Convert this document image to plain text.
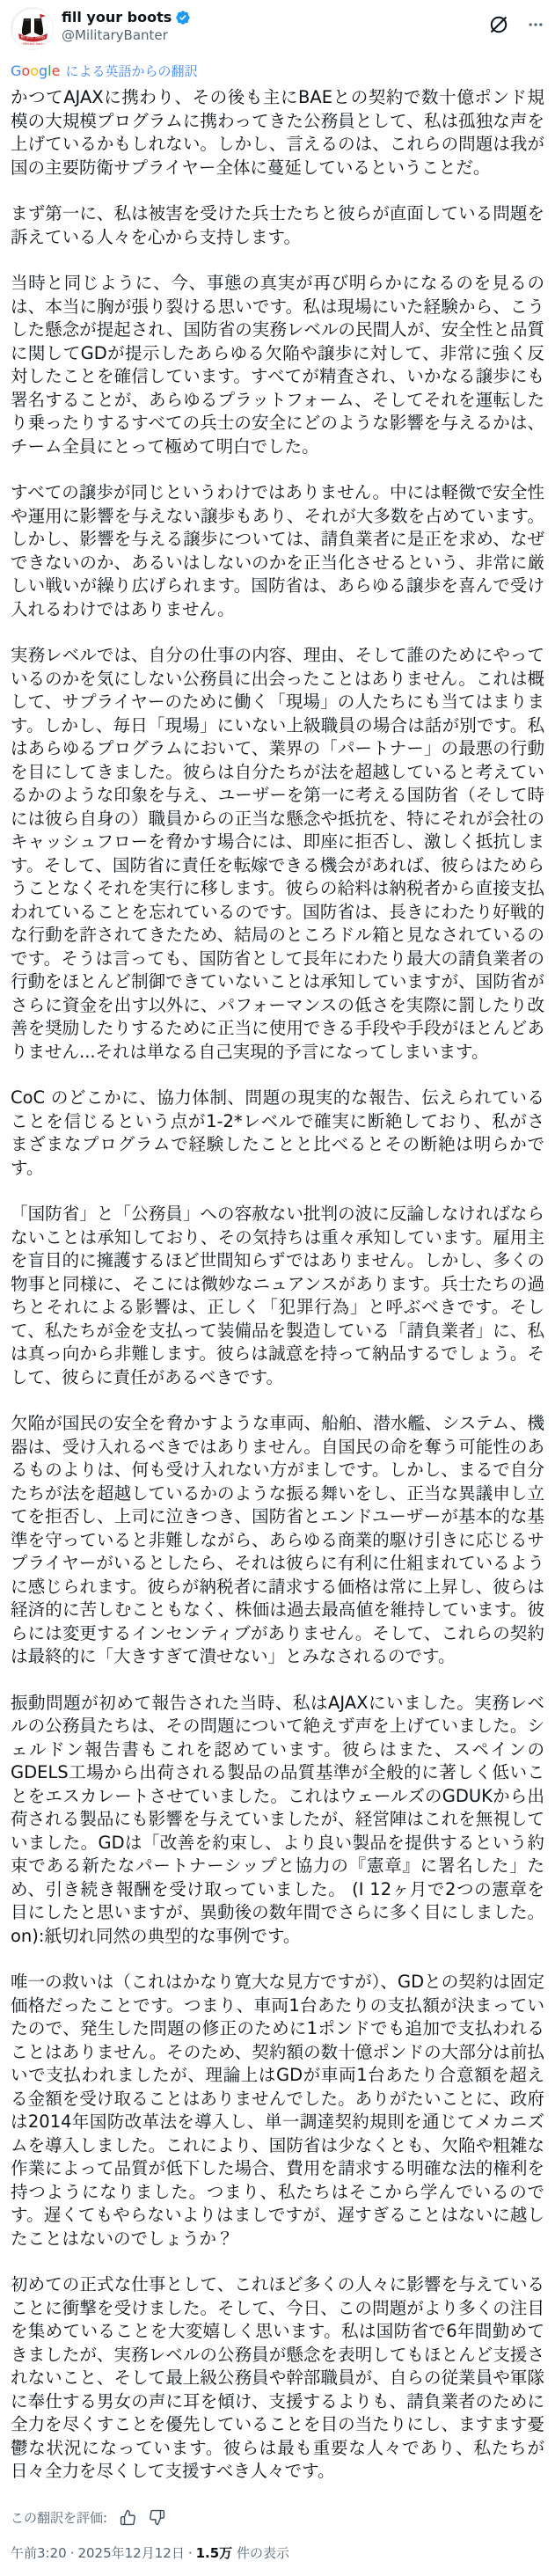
fill your boots
~Military bant~
fill your boots
@MilitaryBanter
Google による英語からの翻訳

かつてAJAXに携わり、その後も主にBAEとの契約で数十億ポンド規模の大規模プログラムに携わってきた公務員として、私は孤独な声を上げているかもしれない。しかし、言えるのは、これらの問題は我が国の主要防衛サプライヤー全体に蔓延しているということだ。

まず第一に、私は被害を受けた兵士たちと彼らが直面している問題を訴えている人々を心から支持します。

当時と同じように、今、事態の真実が再び明らかになるのを見るのは、本当に胸が張り裂ける思いです。私は現場にいた経験から、こうした懸念が提起され、国防省の実務レベルの民間人が、安全性と品質に関してGDが提示したあらゆる欠陥や譲歩に対して、非常に強く反対したことを確信しています。すべてが精査され、いかなる譲歩にも署名することが、あらゆるプラットフォーム、そしてそれを運転したり乗ったりするすべての兵士の安全にどのような影響を与えるかは、チーム全員にとって極めて明白でした。

すべての譲歩が同じというわけではありません。中には軽微で安全性や運用に影響を与えない譲歩もあり、それが大多数を占めています。しかし、影響を与える譲歩については、請負業者に是正を求め、なぜできないのか、あるいはしないのかを正当化させるという、非常に厳しい戦いが繰り広げられます。国防省は、あらゆる譲歩を喜んで受け入れるわけではありません。

実務レベルでは、自分の仕事の内容、理由、そして誰のためにやっているのかを気にしない公務員に出会ったことはありません。これは概して、サプライヤーのために働く「現場」の人たちにも当てはまります。しかし、毎日「現場」にいない上級職員の場合は話が別です。私はあらゆるプログラムにおいて、業界の「パートナー」の最悪の行動を目にしてきました。彼らは自分たちが法を超越していると考えているかのような印象を与え、ユーザーを第一に考える国防省（そして時には彼ら自身の）職員からの正当な懸念や抵抗を、特にそれが会社のキャッシュフローを脅かす場合には、即座に拒否し、激しく抵抗します。そして、国防省に責任を転嫁できる機会があれば、彼らはためらうことなくそれを実行に移します。彼らの給料は納税者から直接支払われていることを忘れているのです。国防省は、長きにわたり好戦的な行動を許されてきたため、結局のところドル箱と見なされているのです。そうは言っても、国防省として長年にわたり最大の請負業者の行動をほとんど制御できていないことは承知していますが、国防省がさらに資金を出す以外に、パフォーマンスの低さを実際に罰したり改善を奨励したりするために正当に使用できる手段や手段がほとんどありません...それは単なる自己実現的予言になってしまいます。

CoC のどこかに、協力体制、問題の現実的な報告、伝えられていることを信じるという点が1-2*レベルで確実に断絶しており、私がさまざまなプログラムで経験したことと比べるとその断絶は明らかです。

「国防省」と「公務員」への容赦ない批判の波に反論しなければならないことは承知しており、その気持ちは重々承知しています。雇用主を盲目的に擁護するほど世間知らずではありません。しかし、多くの物事と同様に、そこには微妙なニュアンスがあります。兵士たちの過ちとそれによる影響は、正しく「犯罪行為」と呼ぶべきです。そして、私たちが金を支払って装備品を製造している「請負業者」に、私は真っ向から非難します。彼らは誠意を持って納品するでしょう。そして、彼らに責任があるべきです。

欠陥が国民の安全を脅かすような車両、船舶、潜水艦、システム、機器は、受け入れるべきではありません。自国民の命を奪う可能性のあるものよりは、何も受け入れない方がましです。しかし、まるで自分たちが法を超越しているかのような振る舞いをし、正当な異議申し立てを拒否し、上司に泣きつき、国防省とエンドユーザーが基本的な基準を守っていると非難しながら、あらゆる商業的駆け引きに応じるサプライヤーがいるとしたら、それは彼らに有利に仕組まれているように感じられます。彼らが納税者に請求する価格は常に上昇し、彼らは経済的に苦しむこともなく、株価は過去最高値を維持しています。彼らには変更するインセンティブがありません。そして、これらの契約は最終的に「大きすぎて潰せない」とみなされるのです。

振動問題が初めて報告された当時、私はAJAXにいました。実務レベルの公務員たちは、その問題について絶えず声を上げていました。シェルドン報告書もこれを認めています。彼らはまた、スペインのGDELS工場から出荷される製品の品質基準が全般的に著しく低いことをエスカレートさせていました。これはウェールズのGDUKから出荷される製品にも影響を与えていましたが、経営陣はこれを無視していました。GDは「改善を約束し、より良い製品を提供するという約束である新たなパートナーシップと協力の『憲章』に署名した」ため、引き続き報酬を受け取っていました。 (I 12ヶ月で2つの憲章を目にしたと思いますが、異動後の数年間でさらに多く目にしました。 on):紙切れ同然の典型的な事例です。

唯一の救いは（これはかなり寛大な見方ですが）、GDとの契約は固定価格だったことです。つまり、車両1台あたりの支払額が決まっていたので、発生した問題の修正のために1ポンドでも追加で支払われることはありません。そのため、契約額の数十億ポンドの大部分は前払いで支払われましたが、理論上はGDが車両1台あたり合意額を超える金額を受け取ることはありませんでした。ありがたいことに、政府は2014年国防改革法を導入し、単一調達契約規則を通じてメカニズムを導入しました。これにより、国防省は少なくとも、欠陥や粗雑な作業によって品質が低下した場合、費用を請求する明確な法的権利を持つようになりました。つまり、私たちはそこから学んでいるのです。遅くてもやらないよりはましですが、遅すぎることはないに越したことはないのでしょうか？

初めての正式な仕事として、これほど多くの人々に影響を与えていることに衝撃を受けました。そして、今日、この問題がより多くの注目を集めていることを大変嬉しく思います。私は国防省で6年間勤めてきましたが、実務レベルの公務員が懸念を表明してもほとんど支援されないこと、そして最上級公務員や幹部職員が、自らの従業員や軍隊に奉仕する男女の声に耳を傾け、支援するよりも、請負業者のために全力を尽くすことを優先していることを目の当たりにし、ますます憂鬱な状況になっています。彼らは最も重要な人々であり、私たちが日々全力を尽くして支援すべき人々です。

この翻訳を評価:
午前3:20 · 2025年12月12日 · 1.5万 件の表示
